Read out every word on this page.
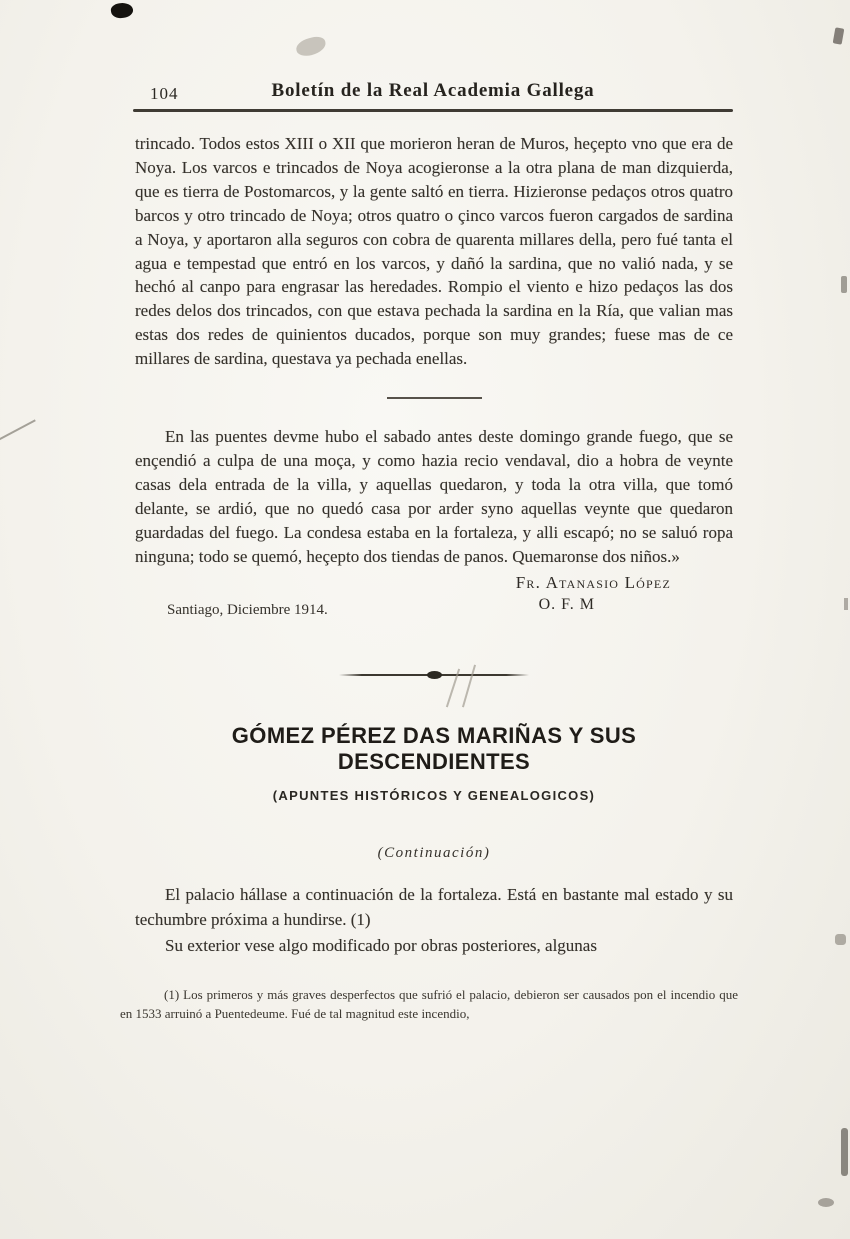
104	Boletín de la Real Academia Gallega

trincado. Todos estos XIII o XII que morieron heran de Muros, heçepto vno que era de Noya. Los varcos e trincados de Noya acogieronse a la otra plana de man dizquierda, que es tierra de Postomarcos, y la gente saltó en tierra. Hizieronse pedaços otros quatro barcos y otro trincado de Noya; otros quatro o çinco varcos fueron cargados de sardina a Noya, y aportaron alla seguros con cobra de quarenta millares della, pero fué tanta el agua e tempestad que entró en los varcos, y dañó la sardina, que no valió nada, y se hechó al canpo para engrasar las heredades. Rompio el viento e hizo pedaços las dos redes delos dos trincados, con que estava pechada la sardina en la Ría, que valian mas estas dos redes de quinientos ducados, porque son muy grandes; fuese mas de ce millares de sardina, questava ya pechada enellas.

En las puentes devme hubo el sabado antes deste domingo grande fuego, que se ençendió a culpa de una moça, y como hazia recio vendaval, dio a hobra de veynte casas dela entrada de la villa, y aquellas quedaron, y toda la otra villa, que tomó delante, se ardió, que no quedó casa por arder syno aquellas veynte que quedaron guardadas del fuego. La condesa estaba en la fortaleza, y alli escapó; no se saluó ropa ninguna; todo se quemó, heçepto dos tiendas de panos. Quemaronse dos niños.»

Fr. Atanasio López
O. F. M
Santiago, Diciembre 1914.
GÓMEZ PÉREZ DAS MARIÑAS Y SUS DESCENDIENTES
(APUNTES HISTÓRICOS Y GENEALOGICOS)
(Continuación)

El palacio hállase a continuación de la fortaleza. Está en bastante mal estado y su techumbre próxima a hundirse. (1)

Su exterior vese algo modificado por obras posteriores, algunas

(1) Los primeros y más graves desperfectos que sufrió el palacio, debieron ser causados pon el incendio que en 1533 arruinó a Puentedeume. Fué de tal magnitud este incendio,
